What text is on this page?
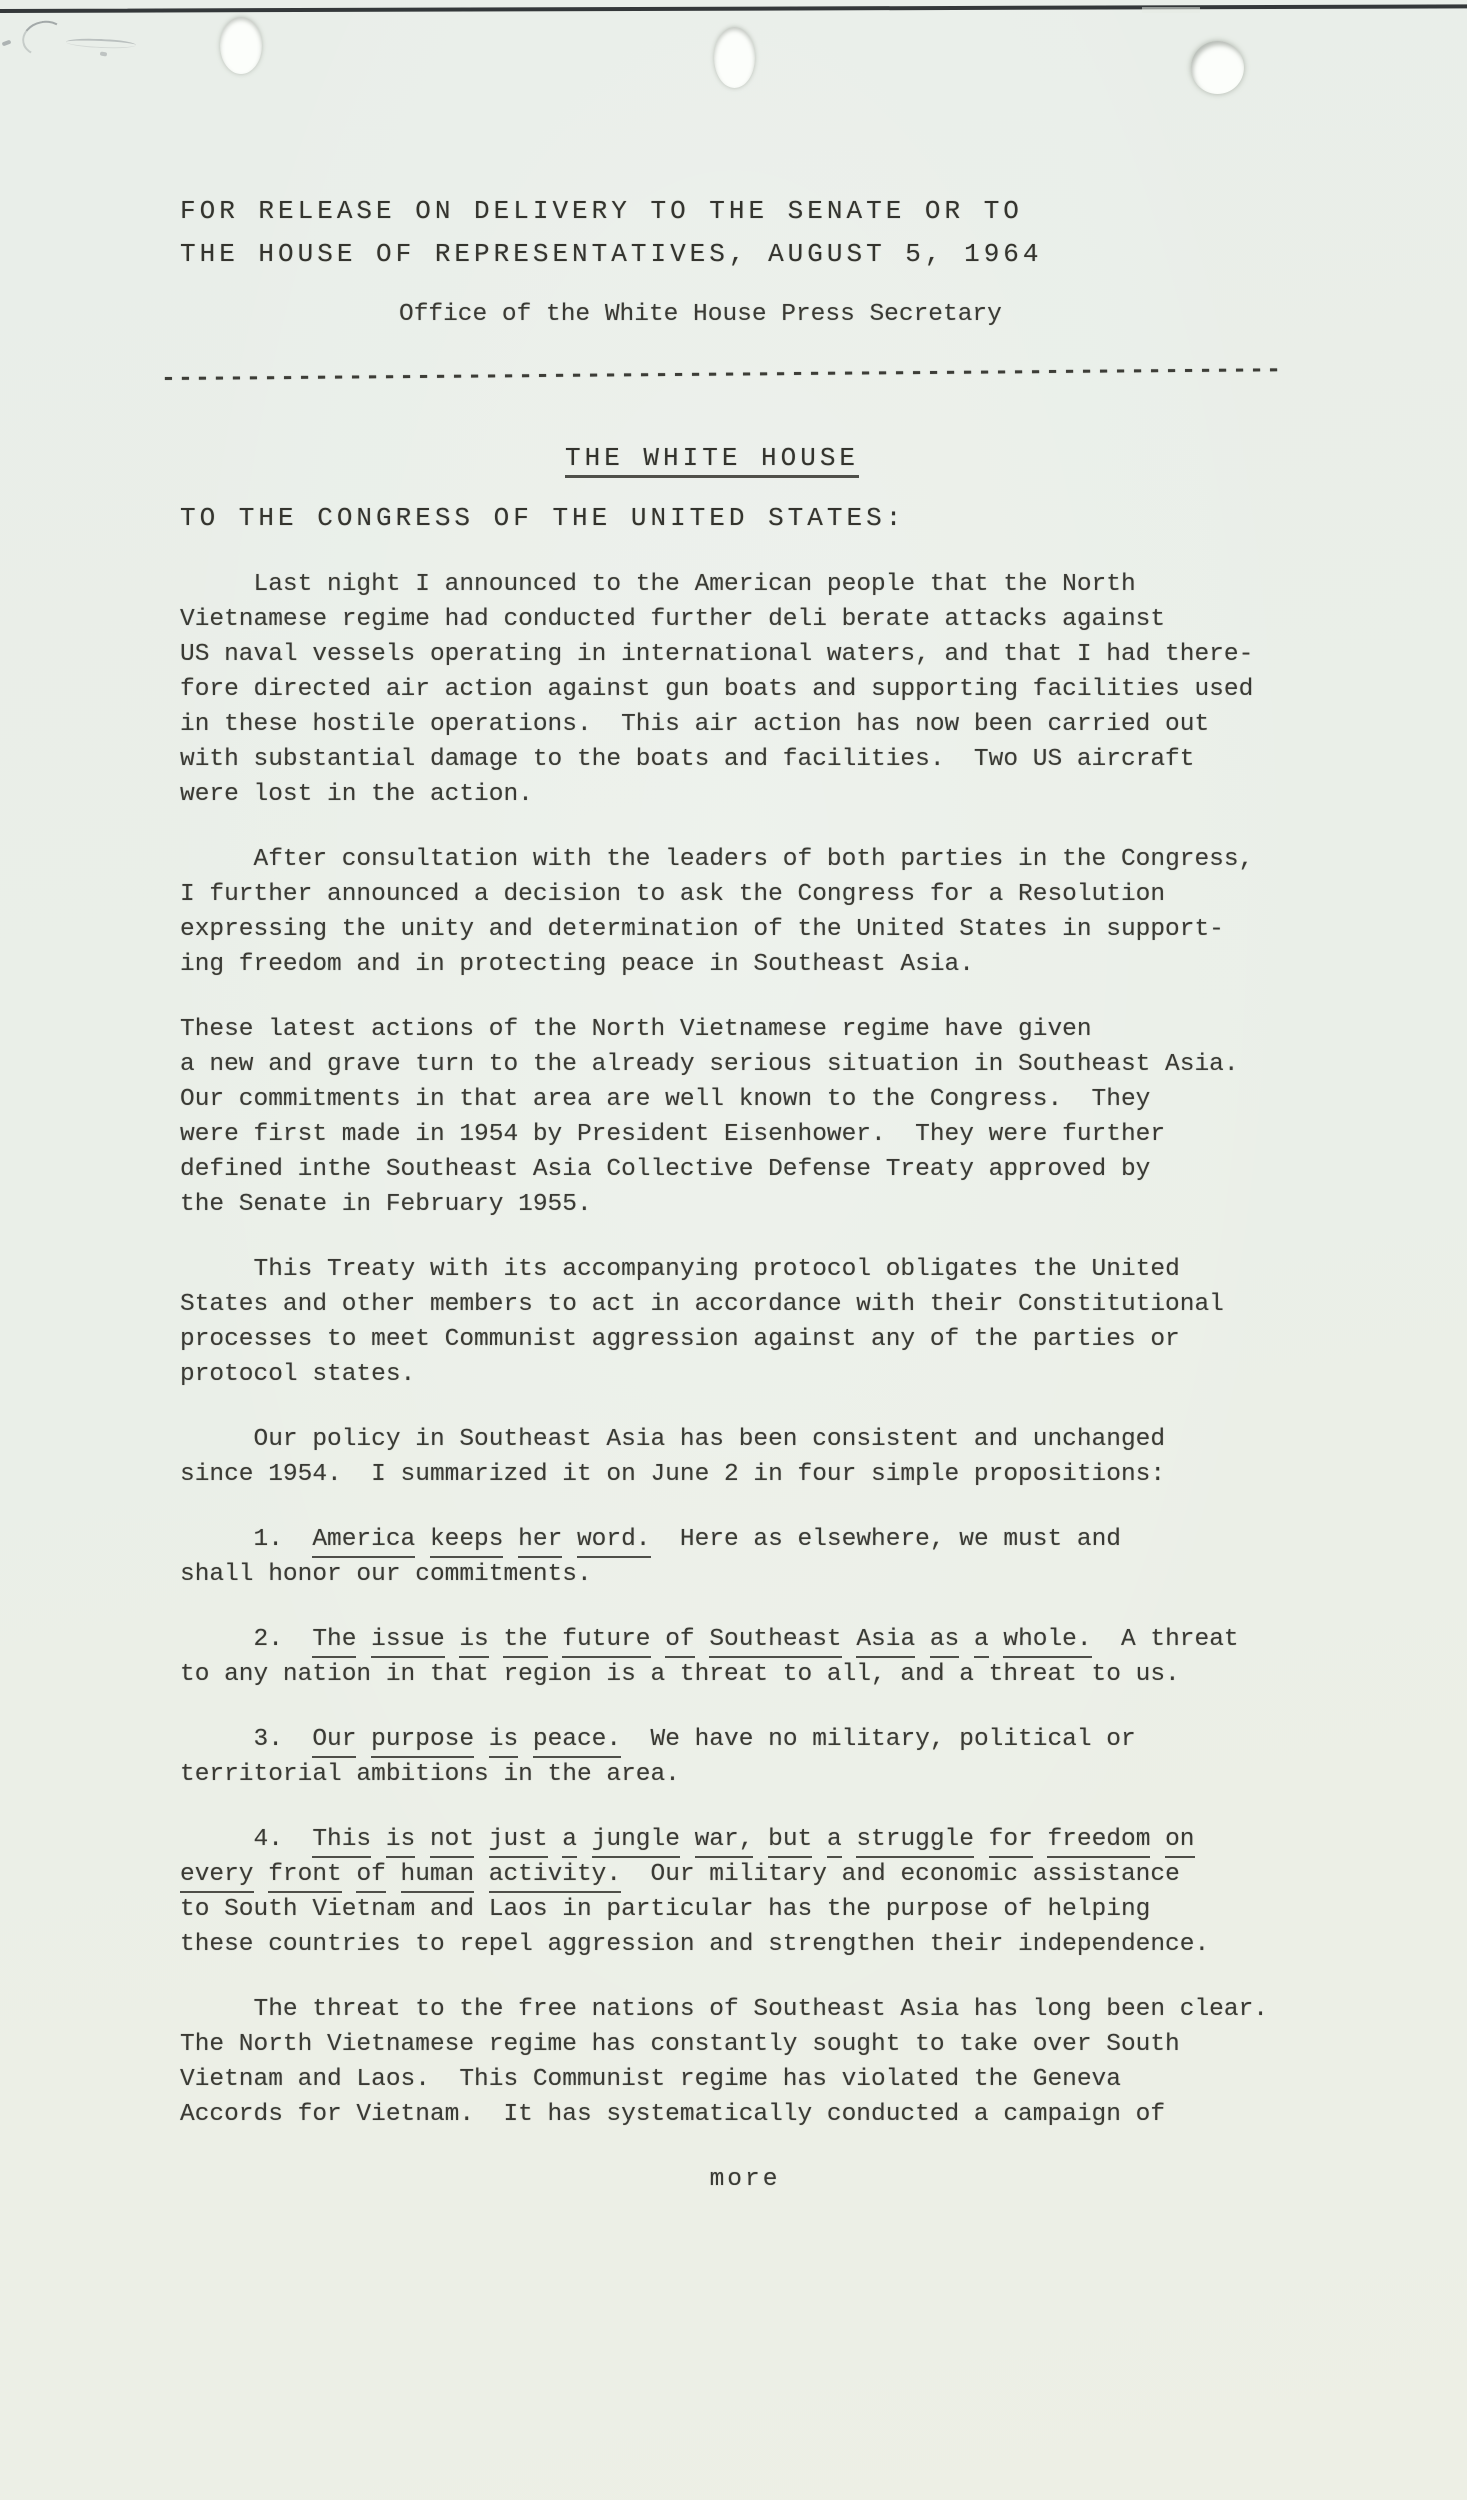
FOR RELEASE ON DELIVERY TO THE SENATE OR TO
THE HOUSE OF REPRESENTATIVES, AUGUST 5, 1964
Office of the White House Press Secretary
------------------------------------------------------------------
THE WHITE HOUSE
TO THE CONGRESS OF THE UNITED STATES:
Last night I announced to the American people that the North
Vietnamese regime had conducted further deli berate attacks against
US naval vessels operating in international waters, and that I had there-
fore directed air action against gun boats and supporting facilities used
in these hostile operations.  This air action has now been carried out
with substantial damage to the boats and facilities.  Two US aircraft
were lost in the action.
After consultation with the leaders of both parties in the Congress,
I further announced a decision to ask the Congress for a Resolution
expressing the unity and determination of the United States in support-
ing freedom and in protecting peace in Southeast Asia.
These latest actions of the North Vietnamese regime have given
a new and grave turn to the already serious situation in Southeast Asia.
Our commitments in that area are well known to the Congress.  They
were first made in 1954 by President Eisenhower.  They were further
defined inthe Southeast Asia Collective Defense Treaty approved by
the Senate in February 1955.
This Treaty with its accompanying protocol obligates the United
States and other members to act in accordance with their Constitutional
processes to meet Communist aggression against any of the parties or
protocol states.
Our policy in Southeast Asia has been consistent and unchanged
since 1954.  I summarized it on June 2 in four simple propositions:
1.  America keeps her word.  Here as elsewhere, we must and
shall honor our commitments.
2.  The issue is the future of Southeast Asia as a whole.  A threat
to any nation in that region is a threat to all, and a threat to us.
3.  Our purpose is peace.  We have no military, political or
territorial ambitions in the area.
4.  This is not just a jungle war, but a struggle for freedom on
every front of human activity.  Our military and economic assistance
to South Vietnam and Laos in particular has the purpose of helping
these countries to repel aggression and strengthen their independence.
The threat to the free nations of Southeast Asia has long been clear.
The North Vietnamese regime has constantly sought to take over South
Vietnam and Laos.  This Communist regime has violated the Geneva
Accords for Vietnam.  It has systematically conducted a campaign of
more
